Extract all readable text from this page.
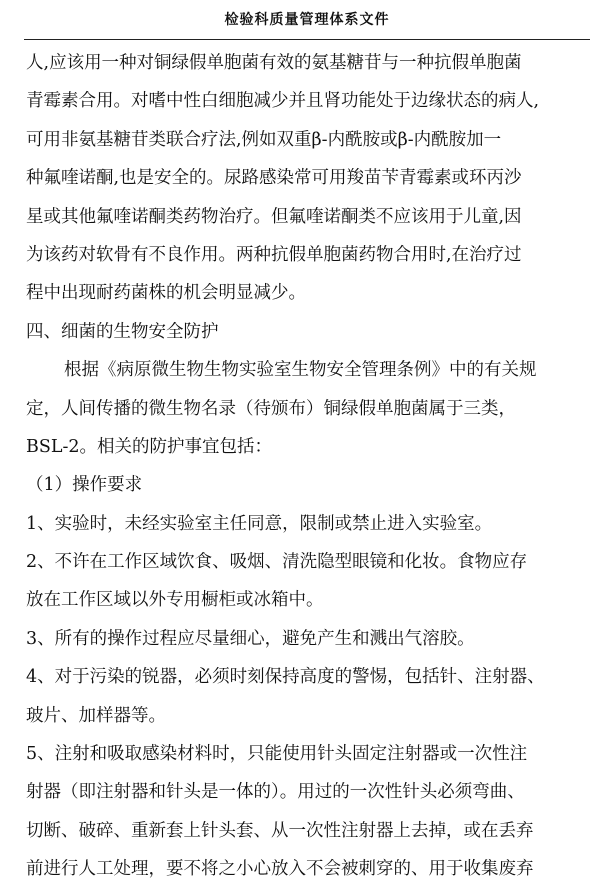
检验科质量管理体系文件
人,应该用一种对铜绿假单胞菌有效的氨基糖苷与一种抗假单胞菌
青霉素合用。对嗜中性白细胞减少并且肾功能处于边缘状态的病人,
可用非氨基糖苷类联合疗法,例如双重β-内酰胺或β-内酰胺加一
种氟喹诺酮,也是安全的。尿路感染常可用羧苗苄青霉素或环丙沙
星或其他氟喹诺酮类药物治疗。但氟喹诺酮类不应该用于儿童,因
为该药对软骨有不良作用。两种抗假单胞菌药物合用时,在治疗过
程中出现耐药菌株的机会明显减少。
四、细菌的生物安全防护
根据《病原微生物生物实验室生物安全管理条例》中的有关规
定，人间传播的微生物名录（待颁布）铜绿假单胞菌属于三类，
BSL-2。相关的防护事宜包括：
（1）操作要求
1、实验时，未经实验室主任同意，限制或禁止进入实验室。
2、不许在工作区域饮食、吸烟、清洗隐型眼镜和化妆。食物应存
放在工作区域以外专用橱柜或冰箱中。
3、所有的操作过程应尽量细心，避免产生和溅出气溶胶。
4、对于污染的锐器，必须时刻保持高度的警惕，包括针、注射器、
玻片、加样器等。
5、注射和吸取感染材料时，只能使用针头固定注射器或一次性注
射器（即注射器和针头是一体的）。用过的一次性针头必须弯曲、
切断、破碎、重新套上针头套、从一次性注射器上去掉，或在丢弃
前进行人工处理，要不将之小心放入不会被刺穿的、用于收集废弃
